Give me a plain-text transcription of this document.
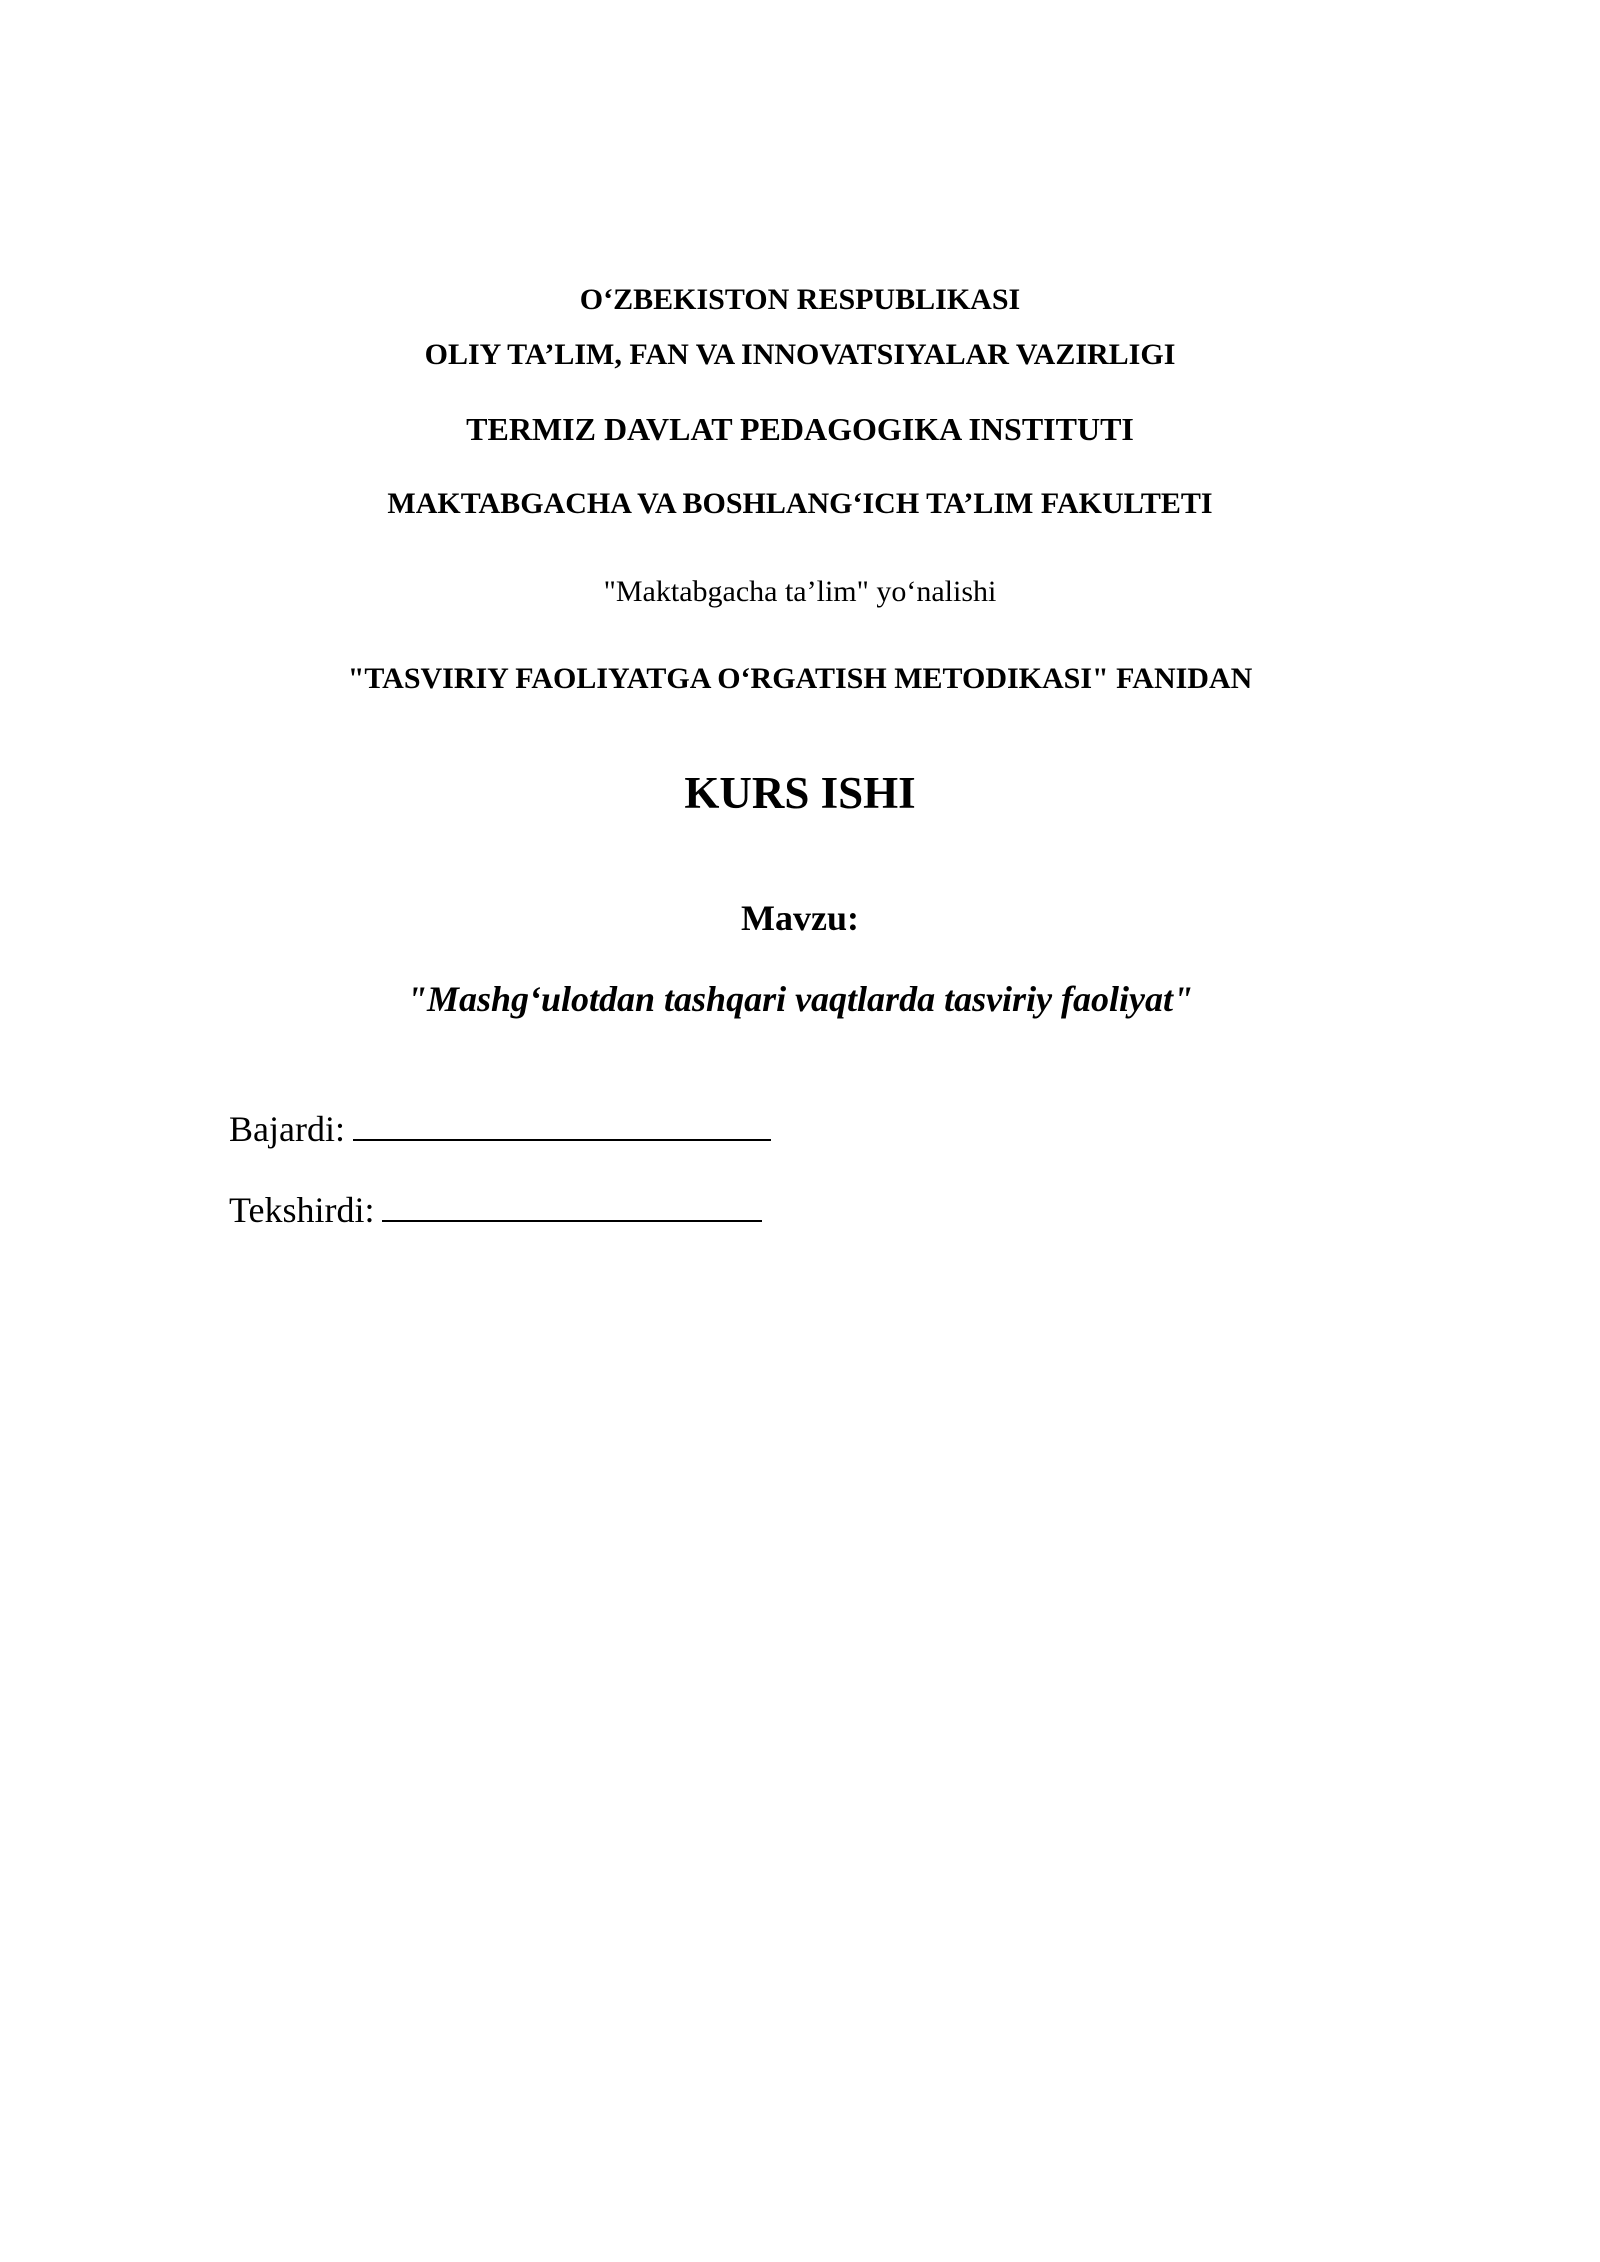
O‘ZBEKISTON RESPUBLIKASI
OLIY TA’LIM, FAN VA INNOVATSIYALAR VAZIRLIGI
TERMIZ DAVLAT PEDAGOGIKA INSTITUTI
MAKTABGACHA VA BOSHLANG‘ICH TA’LIM FAKULTETI
"Maktabgacha ta’lim" yo‘nalishi
"TASVIRIY FAOLIYATGA O‘RGATISH METODIKASI" FANIDAN
KURS ISHI
Mavzu:
"Mashg‘ulotdan tashqari vaqtlarda tasviriy faoliyat"
Bajardi:
Tekshirdi:
